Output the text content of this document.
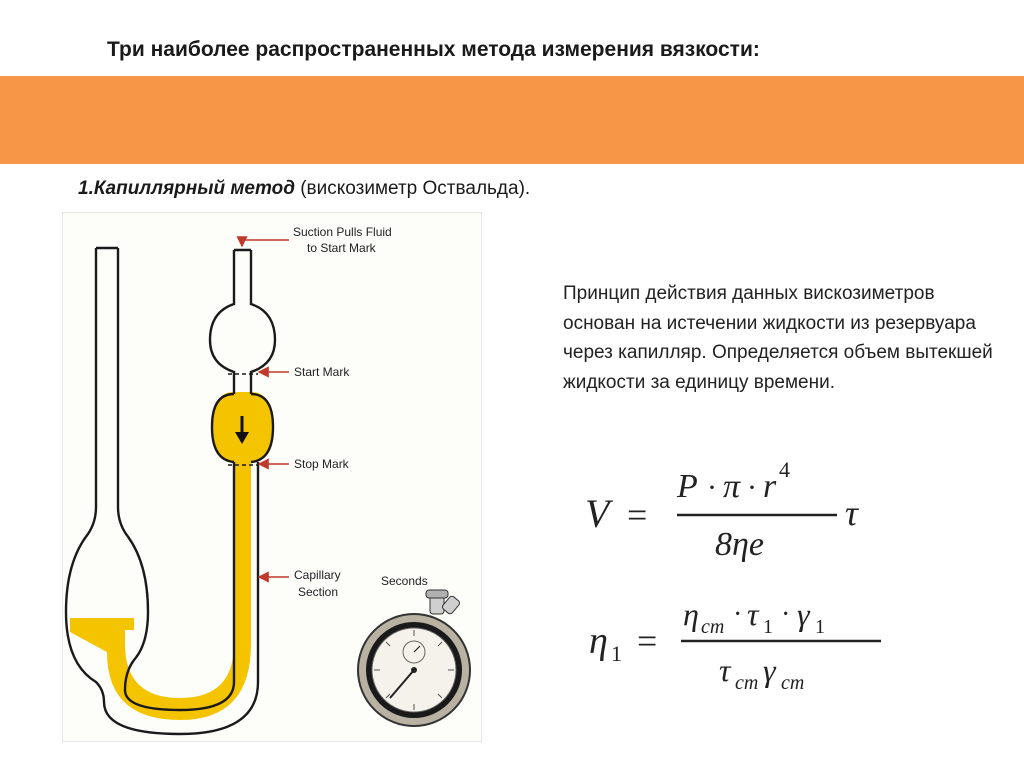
Три наиболее распространенных метода измерения вязкости:
1.Капиллярный метод (вискозиметр Оствальда).
Suction Pulls Fluid
to Start Mark
Start Mark
Stop Mark
Capillary
Section
Seconds
Принцип действия данных вискозиметров основан на истечении жидкости из резервуара через капилляр. Определяется объем вытекшей жидкости за единицу времени.
V =
P · π · r 4
8ηe
τ
η 1 =
η cm · τ 1 · γ 1
τ cm γ cm
